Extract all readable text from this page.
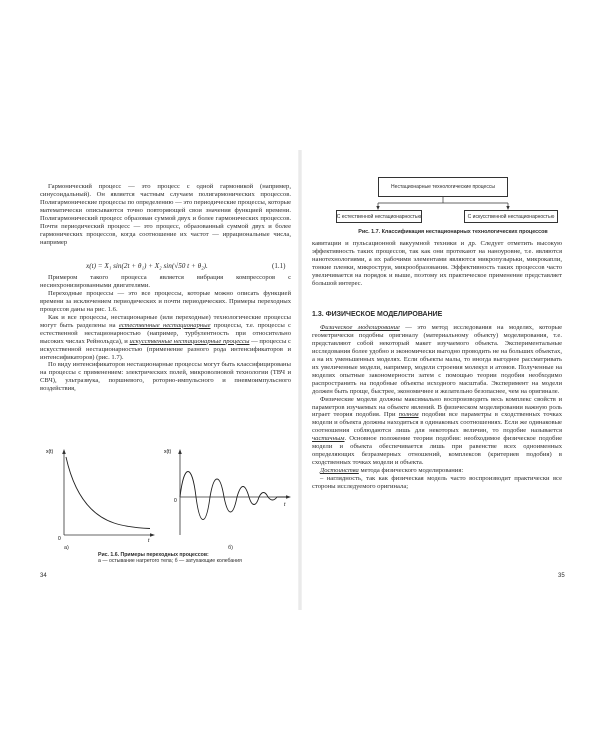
Гармонический процесс — это процесс с одной гармоникой (например, синусоидальный). Он является частным случаем полигармонических процессов. Полигармонические процессы по определению — это периодические процессы, которые математически описываются точно повторяющей свои значения функцией времени. Полигармонический процесс образован суммой двух и более гармонических процессов. Почти периодический процесс — это процесс, образованный суммой двух и более гармонических процессов, когда соотношение их частот — иррациональные числа, например

x(t) = X₁ sin(2t + θ₁) + X₂ sin(√50 t + θ₂).	(1.1)

Примером такого процесса является вибрация компрессоров с несинхронизированными двигателями.

Переходные процессы — это все процессы, которые можно описать функцией времени за исключением периодических и почти периодических. Примеры переходных процессов даны на рис. 1.6.

Как и все процессы, нестационарные (или переходные) технологические процессы могут быть разделены на естественные нестационарные процессы, т.е. процессы с естественной нестационарностью (например, турбулентность при относительно высоких числах Рейнольдса), и искусственные нестационарные процессы — процессы с искусственной нестационарностью (применение разного рода интенсификаторов и интенсификаторов) (рис. 1.7).

По виду интенсификаторов нестационарные процессы могут быть классифицированы на процессы с применением: электрических полей, микроволновой технологии (ТВЧ и СВЧ), ультразвука, поршневого, роторно-импульсного и пневмоимпульсного воздействия,

x(t)
0	t
x(t)
0
t
а)	б)
Рис. 1.6. Примеры переходных процессов:
а — остывание нагретого тела; б — затухающие колебания
34
Нестационарные технологические процессы
С естественной нестационарностью	С искусственной нестационарностью
Рис. 1.7. Классификация нестационарных технологических процессов

кавитации и пульсационной вакуумной техники и др. Следует отметить высокую эффективность таких процессов, так как они протекают на наноуровне, т.е. являются нанотехнологиями, а их рабочими элементами являются микропузырьки, микрокапли, тонкие пленки, микроструи, микрообразования. Эффективность таких процессов часто увеличивается на порядок и выше, поэтому их практическое применение представляет большой интерес.

1.3. ФИЗИЧЕСКОЕ МОДЕЛИРОВАНИЕ

Физическое моделирование — это метод исследования на моделях, которые геометрически подобны оригиналу (материальному объекту) моделирования, т.е. представляют собой некоторый макет изучаемого объекта. Экспериментальные исследования более удобно и экономически выгодно проводить не на больших объектах, а на их уменьшенных моделях. Если объекты малы, то иногда выгоднее рассматривать их увеличенные модели, например, модели строения молекул и атомов. Полученные на моделях опытные закономерности затем с помощью теории подобия необходимо распространить на подобные объекты исходного масштаба. Эксперимент на модели должен быть проще, быстрее, экономичнее и желательно безопаснее, чем на оригинале.

Физические модели должны максимально воспроизводить весь комплекс свойств и параметров изучаемых на объекте явлений. В физическом моделировании важную роль играет теория подобия. При полном подобии все параметры в сходственных точках модели и объекта должны находиться в одинаковых соотношениях. Если же одинаковые соотношения соблюдаются лишь для некоторых величин, то подобие называется частичным. Основное положение теории подобия: необходимое физическое подобие модели и объекта обеспечивается лишь при равенстве всех одноименных определяющих безразмерных отношений, комплексов (критериев подобия) в сходственных точках модели и объекта.

Достоинства метода физического моделирования:

– наглядность, так как физическая модель часто воспроизводит практически все стороны исследуемого оригинала;

35
